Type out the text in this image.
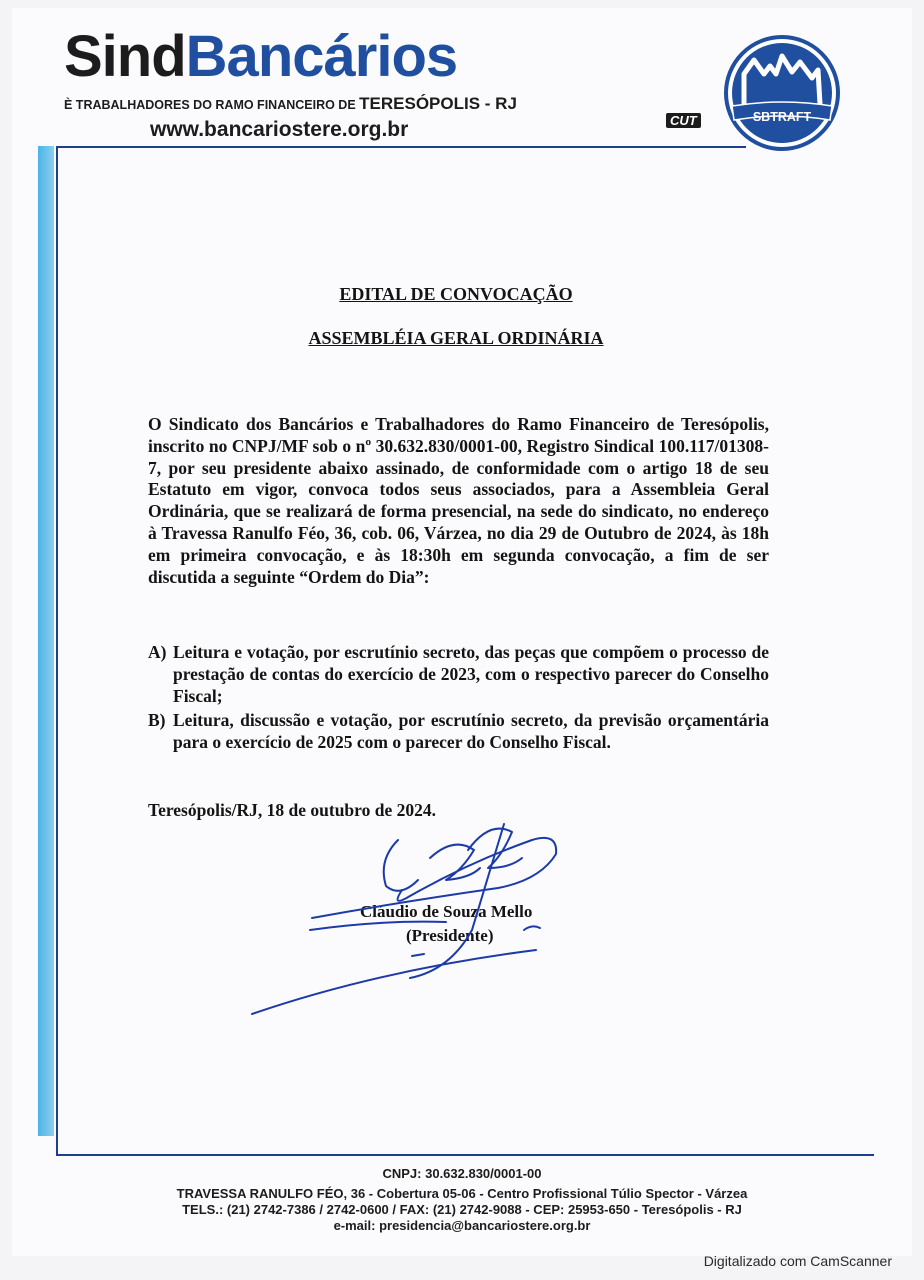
SindBancários
È TRABALHADORES DO RAMO FINANCEIRO DE TERESÓPOLIS - RJ
www.bancariostere.org.br	CUT	SBTRAFT
EDITAL DE CONVOCAÇÃO
ASSEMBLÉIA GERAL ORDINÁRIA
O Sindicato dos Bancários e Trabalhadores do Ramo Financeiro de Teresópolis, inscrito no CNPJ/MF sob o nº 30.632.830/0001-00, Registro Sindical 100.117/01308-7, por seu presidente abaixo assinado, de conformidade com o artigo 18 de seu Estatuto em vigor, convoca todos seus associados, para a Assembleia Geral Ordinária, que se realizará de forma presencial, na sede do sindicato, no endereço à Travessa Ranulfo Féo, 36, cob. 06, Várzea, no dia 29 de Outubro de 2024, às 18h em primeira convocação, e às 18:30h em segunda convocação, a fim de ser discutida a seguinte “Ordem do Dia”:
A) Leitura e votação, por escrutínio secreto, das peças que compõem o processo de prestação de contas do exercício de 2023, com o respectivo parecer do Conselho Fiscal;
B) Leitura, discussão e votação, por escrutínio secreto, da previsão orçamentária para o exercício de 2025 com o parecer do Conselho Fiscal.
Teresópolis/RJ, 18 de outubro de 2024.
Cláudio de Souza Mello
(Presidente)
CNPJ: 30.632.830/0001-00
TRAVESSA RANULFO FÉO, 36 - Cobertura 05-06 - Centro Profissional Túlio Spector - Várzea
TELS.: (21) 2742-7386 / 2742-0600 / FAX: (21) 2742-9088 - CEP: 25953-650 - Teresópolis - RJ
e-mail: presidencia@bancariostere.org.br
Digitalizado com CamScanner
